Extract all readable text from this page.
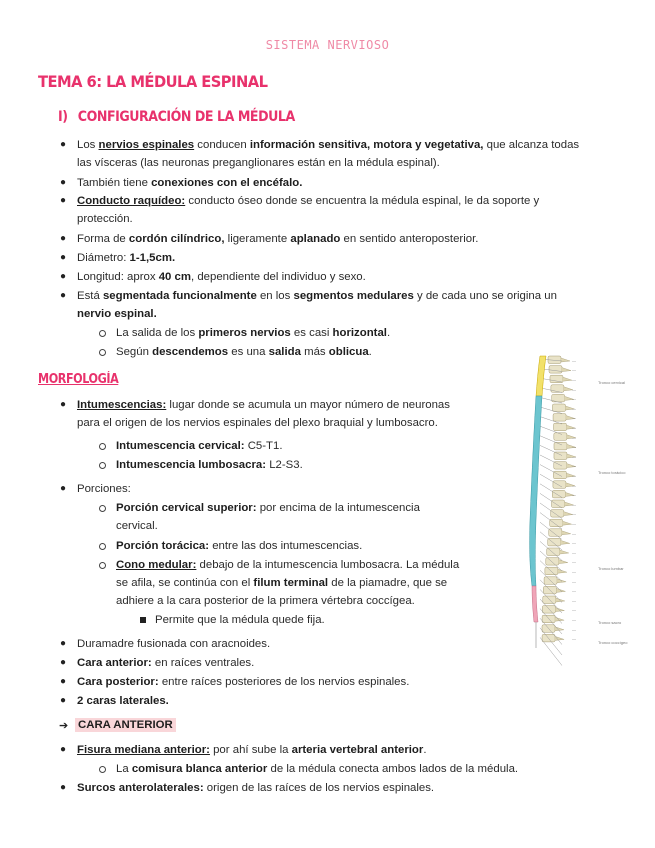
SISTEMA NERVIOSO
TEMA 6: LA MÉDULA ESPINAL
I) CONFIGURACIÓN DE LA MÉDULA
● Los nervios espinales conducen información sensitiva, motora y vegetativa, que alcanza todas
las vísceras (las neuronas preganglionares están en la médula espinal).
● También tiene conexiones con el encéfalo.
● Conducto raquídeo: conducto óseo donde se encuentra la médula espinal, le da soporte y
protección.
● Forma de cordón cilíndrico, ligeramente aplanado en sentido anteroposterior.
● Diámetro: 1-1,5cm.
● Longitud: aprox 40 cm, dependiente del individuo y sexo.
● Está segmentada funcionalmente en los segmentos medulares y de cada uno se origina un
nervio espinal.
La salida de los primeros nervios es casi horizontal.
Según descendemos es una salida más oblicua.
MORFOLOGÍA
● Intumescencias: lugar donde se acumula un mayor número de neuronas
para el origen de los nervios espinales del plexo braquial y lumbosacro.
Intumescencia cervical: C5-T1.
Intumescencia lumbosacra: L2-S3.
● Porciones:
Porción cervical superior: por encima de la intumescencia
cervical.
Porción torácica: entre las dos intumescencias.
Cono medular: debajo de la intumescencia lumbosacra. La médula
se afila, se continúa con el filum terminal de la piamadre, que se
adhiere a la cara posterior de la primera vértebra coccígea.
Permite que la médula quede fija.
● Duramadre fusionada con aracnoides.
● Cara anterior: en raíces ventrales.
● Cara posterior: entre raíces posteriores de los nervios espinales.
● 2 caras laterales.
➔ CARA ANTERIOR
● Fisura mediana anterior: por ahí sube la arteria vertebral anterior.
La comisura blanca anterior de la médula conecta ambos lados de la médula.
● Surcos anterolaterales: origen de las raíces de los nervios espinales.
—
—
—
—
—
—
—
—
—
—
—
—
—
—
—
—
—
—
—
—
—
—
—
—
—
—
—
—
—
—
Tronco cervical
Tronco torácico
Tronco lumbar
Tronco sacro
Tronco coccígeo
